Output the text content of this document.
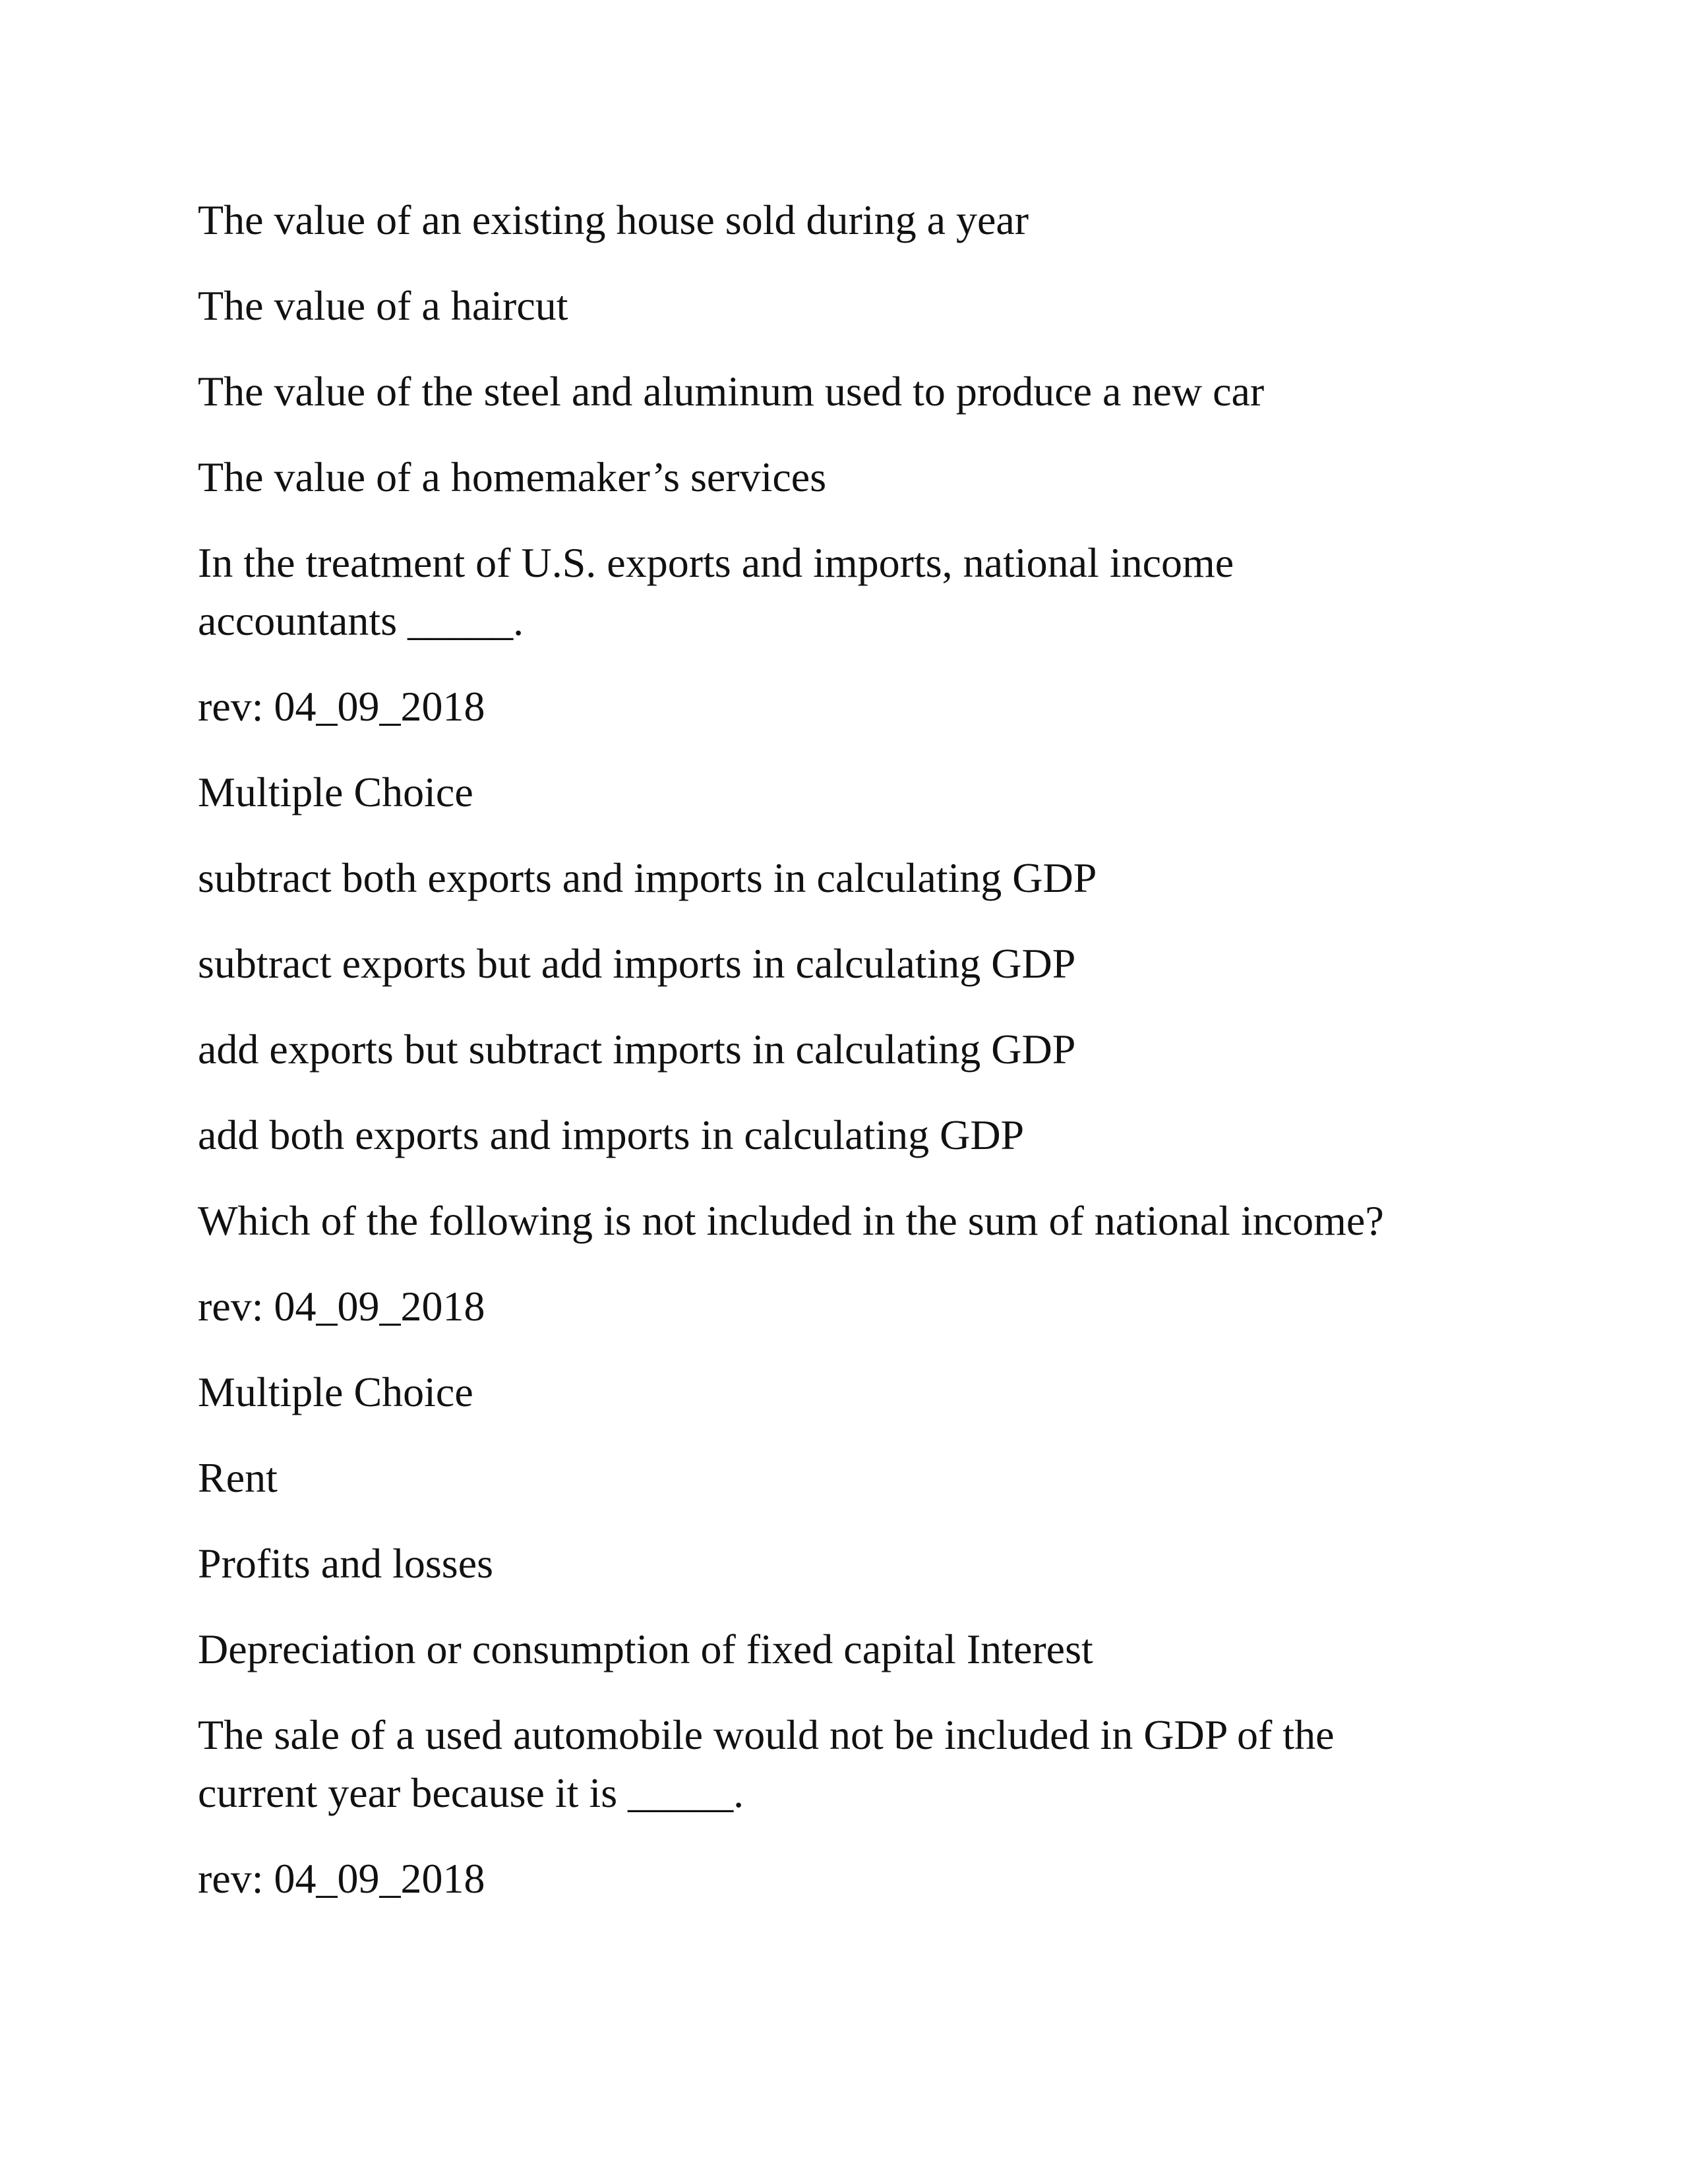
The value of an existing house sold during a year

The value of a haircut

The value of the steel and aluminum used to produce a new car

The value of a homemaker’s services

In the treatment of U.S. exports and imports, national income accountants _____.

rev: 04_09_2018

Multiple Choice

subtract both exports and imports in calculating GDP

subtract exports but add imports in calculating GDP

add exports but subtract imports in calculating GDP

add both exports and imports in calculating GDP

Which of the following is not included in the sum of national income?

rev: 04_09_2018

Multiple Choice

Rent

Profits and losses

Depreciation or consumption of fixed capital Interest

The sale of a used automobile would not be included in GDP of the current year because it is _____.

rev: 04_09_2018
